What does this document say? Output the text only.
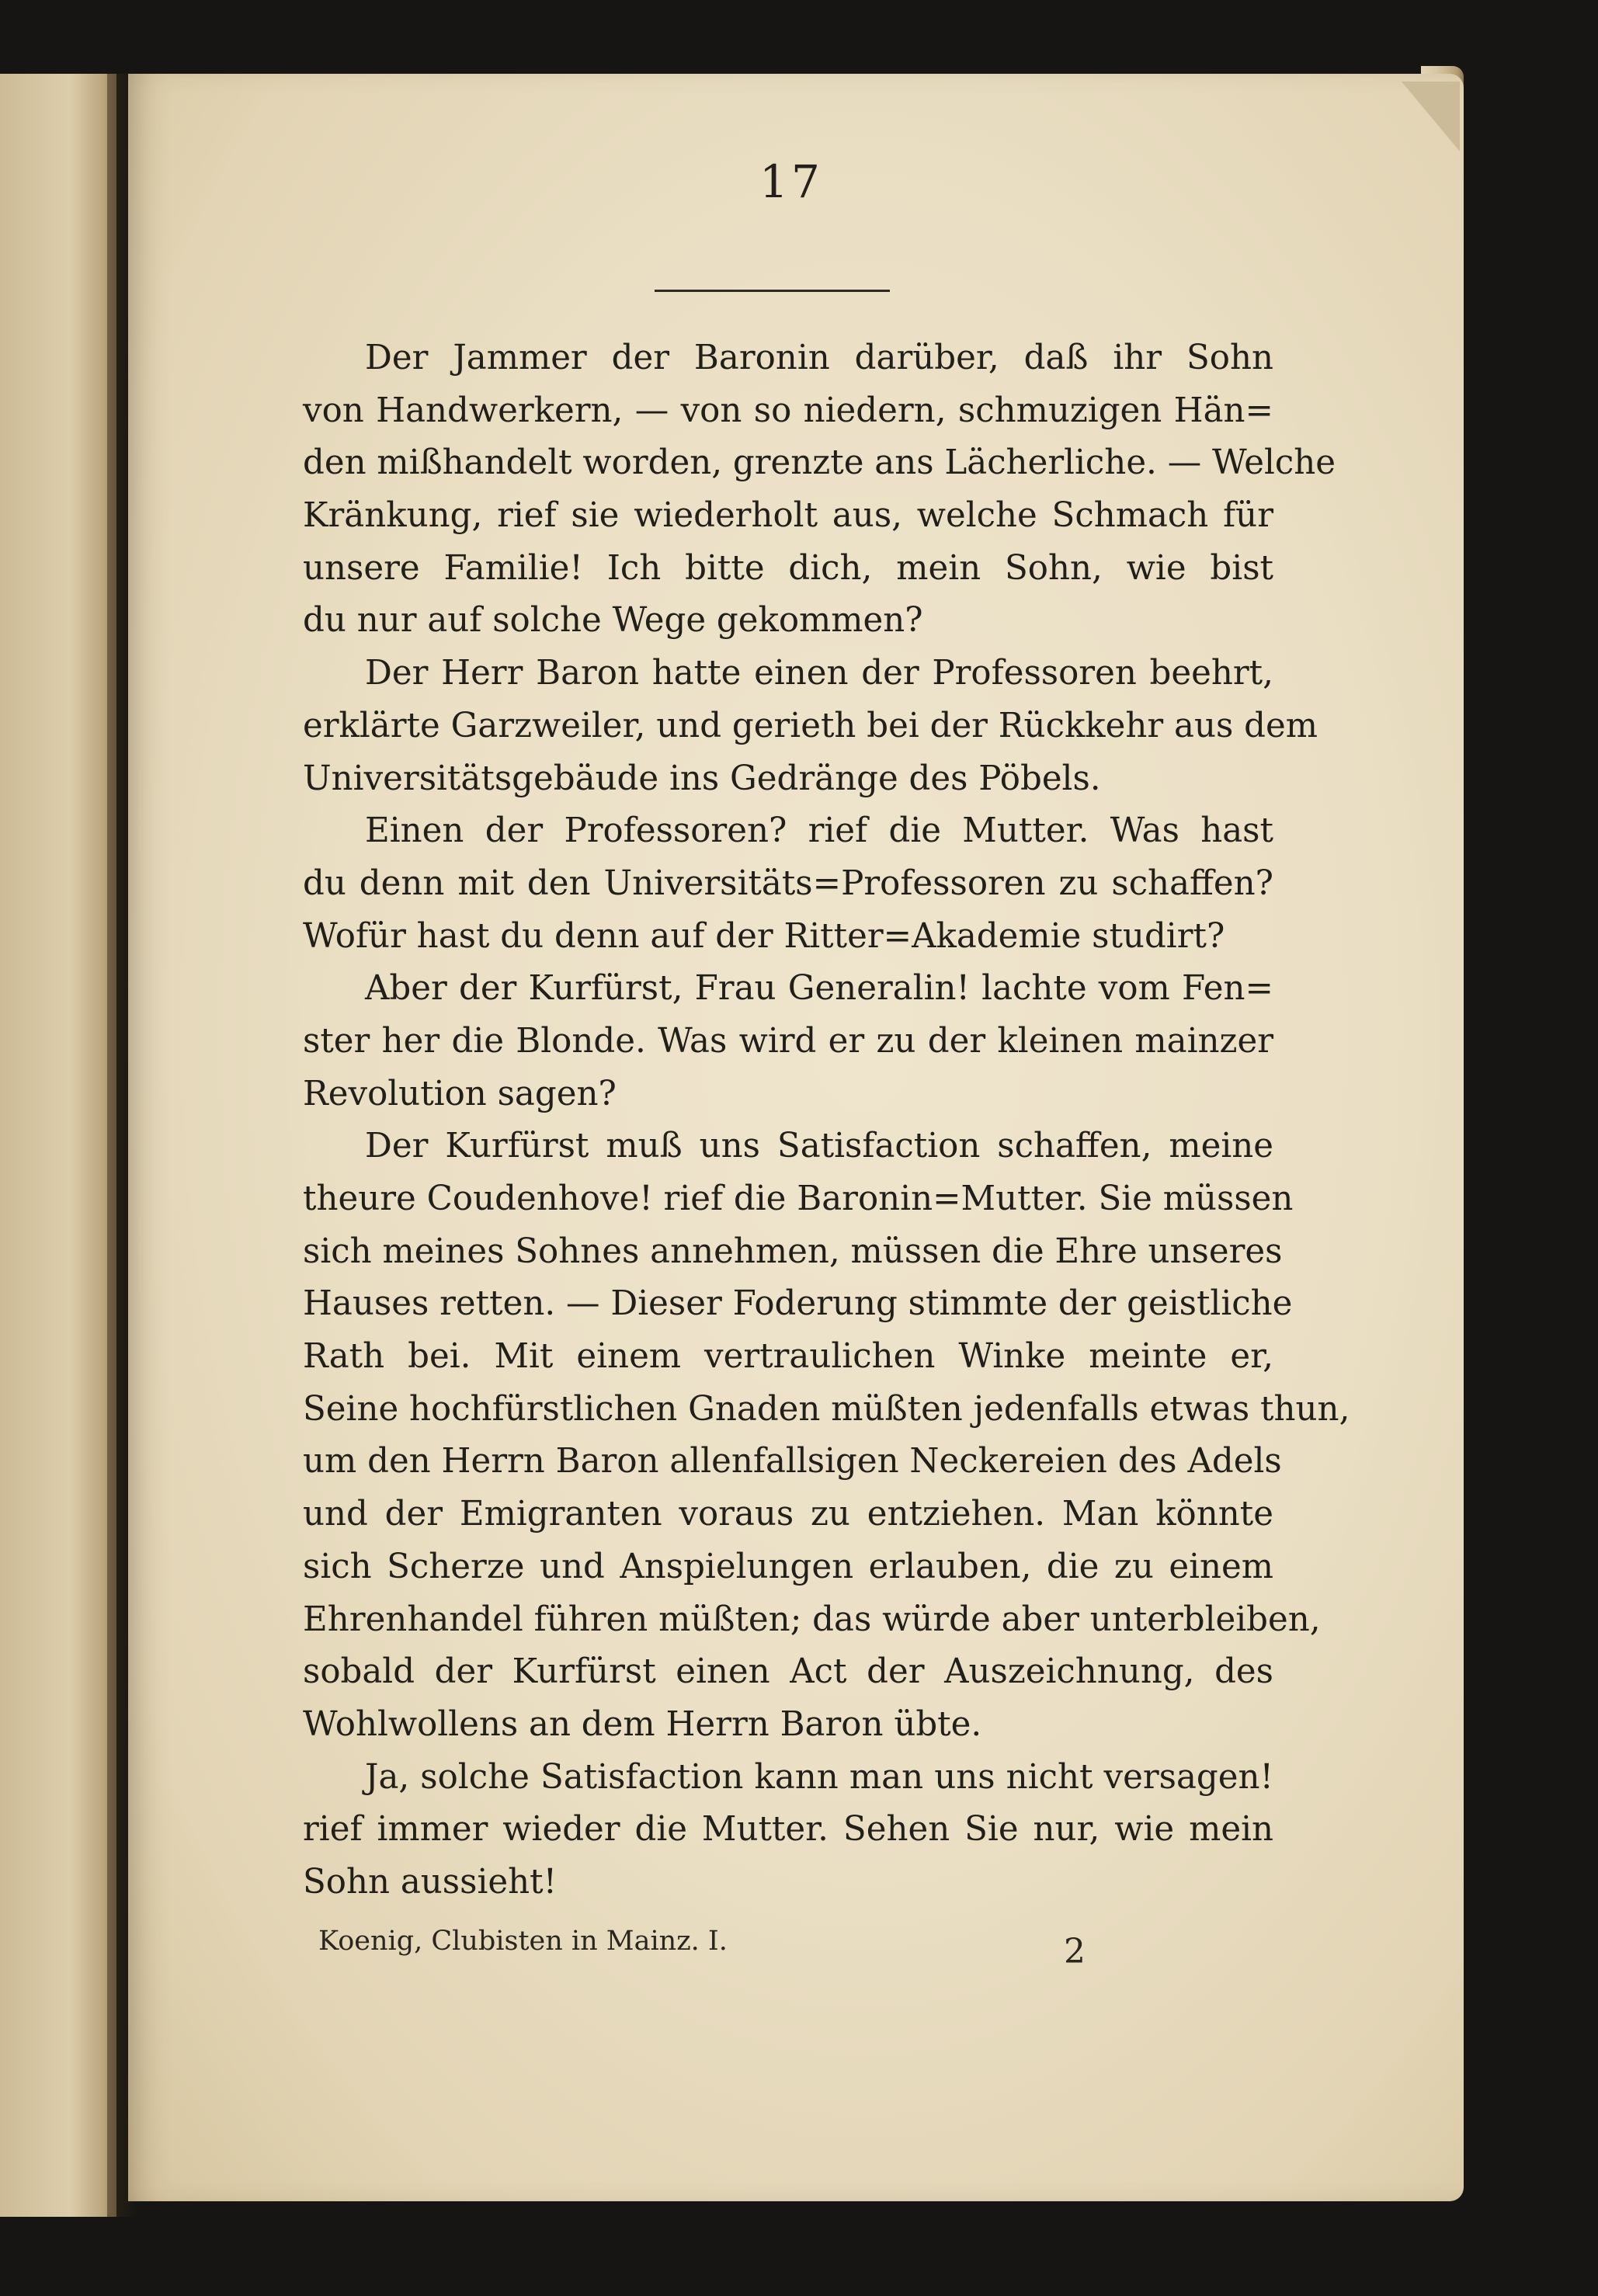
17
Der Jammer der Baronin darüber, daß ihr Sohn
von Handwerkern, — von so niedern, schmuzigen Hän=
den mißhandelt worden, grenzte ans Lächerliche. — Welche
Kränkung, rief sie wiederholt aus, welche Schmach für
unsere Familie! Ich bitte dich, mein Sohn, wie bist
du nur auf solche Wege gekommen?
Der Herr Baron hatte einen der Professoren beehrt,
erklärte Garzweiler, und gerieth bei der Rückkehr aus dem
Universitätsgebäude ins Gedränge des Pöbels.
Einen der Professoren? rief die Mutter. Was hast
du denn mit den Universitäts=Professoren zu schaffen?
Wofür hast du denn auf der Ritter=Akademie studirt?
Aber der Kurfürst, Frau Generalin! lachte vom Fen=
ster her die Blonde. Was wird er zu der kleinen mainzer
Revolution sagen?
Der Kurfürst muß uns Satisfaction schaffen, meine
theure Coudenhove! rief die Baronin=Mutter. Sie müssen
sich meines Sohnes annehmen, müssen die Ehre unseres
Hauses retten. — Dieser Foderung stimmte der geistliche
Rath bei. Mit einem vertraulichen Winke meinte er,
Seine hochfürstlichen Gnaden müßten jedenfalls etwas thun,
um den Herrn Baron allenfallsigen Neckereien des Adels
und der Emigranten voraus zu entziehen. Man könnte
sich Scherze und Anspielungen erlauben, die zu einem
Ehrenhandel führen müßten; das würde aber unterbleiben,
sobald der Kurfürst einen Act der Auszeichnung, des
Wohlwollens an dem Herrn Baron übte.
Ja, solche Satisfaction kann man uns nicht versagen!
rief immer wieder die Mutter. Sehen Sie nur, wie mein
Sohn aussieht!
Koenig, Clubisten in Mainz. I.	2
